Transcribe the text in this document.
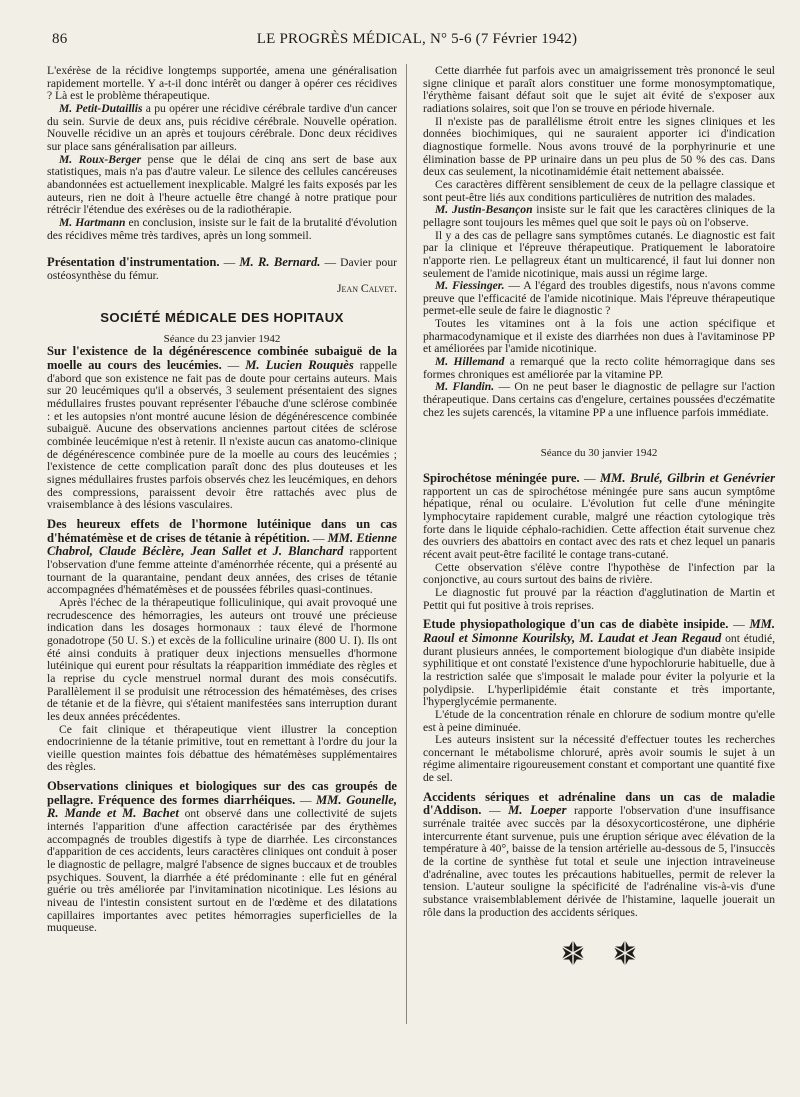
86	LE PROGRÈS MÉDICAL, N° 5-6 (7 Février 1942)

L'exérèse de la récidive longtemps supportée, amena une généralisation rapidement mortelle. Y a-t-il donc intérêt ou danger à opérer ces récidives ? Là est le problème thérapeutique.

M. Petit-Dutaillis a pu opérer une récidive cérébrale tardive d'un cancer du sein. Survie de deux ans, puis récidive cérébrale. Nouvelle opération. Nouvelle récidive un an après et toujours cérébrale. Donc deux récidives sur place sans généralisation par ailleurs.

M. Roux-Berger pense que le délai de cinq ans sert de base aux statistiques, mais n'a pas d'autre valeur. Le silence des cellules cancéreuses abandonnées est actuellement inexplicable. Malgré les faits exposés par les auteurs, rien ne doit à l'heure actuelle être changé à notre pratique pour rétrécir l'étendue des exérèses ou de la radiothérapie.

M. Hartmann en conclusion, insiste sur le fait de la brutalité d'évolution des récidives même très tardives, après un long sommeil.

Présentation d'instrumentation. — M. R. Bernard. — Davier pour ostéosynthèse du fémur.

Jean Calvet.

SOCIÉTÉ MÉDICALE DES HOPITAUX

Séance du 23 janvier 1942

Sur l'existence de la dégénérescence combinée subaiguë de la moelle au cours des leucémies. — M. Lucien Rouquès rappelle d'abord que son existence ne fait pas de doute pour certains auteurs. Mais sur 20 leucémiques qu'il a observés, 3 seulement présentaient des signes médullaires frustes pouvant représenter l'ébauche d'une sclérose combinée : et les autopsies n'ont montré aucune lésion de dégénérescence combinée subaiguë. Aucune des observations anciennes partout citées de sclérose combinée leucémique n'est à retenir. Il n'existe aucun cas anatomo-clinique de dégénérescence combinée pure de la moelle au cours des leucémies ; l'existence de cette complication paraît donc des plus douteuses et les signes médullaires frustes parfois observés chez les leucémiques, en dehors des compressions, paraissent devoir être rattachés avec plus de vraisemblance à des lésions vasculaires.

Des heureux effets de l'hormone lutéinique dans un cas d'hématémèse et de crises de tétanie à répétition. — MM. Etienne Chabrol, Claude Béclère, Jean Sallet et J. Blanchard rapportent l'observation d'une femme atteinte d'aménorrhée récente, qui a présenté au tournant de la quarantaine, pendant deux années, des crises de tétanie accompagnées d'hématémèses et de poussées fébriles quasi-continues.

Après l'échec de la thérapeutique folliculinique, qui avait provoqué une recrudescence des hémorragies, les auteurs ont trouvé une précieuse indication dans les dosages hormonaux : taux élevé de l'hormone gonadotrope (50 U. S.) et excès de la folliculine urinaire (800 U. I). Ils ont été ainsi conduits à pratiquer deux injections mensuelles d'hormone lutéinique qui eurent pour résultats la réapparition immédiate des règles et la reprise du cycle menstruel normal durant des mois consécutifs. Parallèlement il se produisit une rétrocession des hématémèses, des crises de tétanie et de la fièvre, qui s'étaient manifestées sans interruption durant les deux années précédentes.

Ce fait clinique et thérapeutique vient illustrer la conception endocrinienne de la tétanie primitive, tout en remettant à l'ordre du jour la vieille question maintes fois débattue des hématémèses supplémentaires des règles.

Observations cliniques et biologiques sur des cas groupés de pellagre. Fréquence des formes diarrhéiques. — MM. Gounelle, R. Mande et M. Bachet ont observé dans une collectivité de sujets internés l'apparition d'une affection caractérisée par des érythèmes accompagnés de troubles digestifs à type de diarrhée. Les circonstances d'apparition de ces accidents, leurs caractères cliniques ont conduit à poser le diagnostic de pellagre, malgré l'absence de signes buccaux et de troubles psychiques. Souvent, la diarrhée a été prédominante : elle fut en général guérie ou très améliorée par l'invitamination nicotinique. Les lésions au niveau de l'intestin consistent surtout en de l'œdème et des dilatations capillaires importantes avec petites hémorragies superficielles de la muqueuse.

Cette diarrhée fut parfois avec un amaigrissement très prononcé le seul signe clinique et paraît alors constituer une forme monosymptomatique, l'érythème faisant défaut soit que le sujet ait évité de s'exposer aux radiations solaires, soit que l'on se trouve en période hivernale.

Il n'existe pas de parallélisme étroit entre les signes cliniques et les données biochimiques, qui ne sauraient apporter ici d'indication diagnostique formelle. Nous avons trouvé de la porphyrinurie et une élimination basse de PP urinaire dans un peu plus de 50 % des cas. Dans deux cas seulement, la nicotinamidémie était nettement abaissée.

Ces caractères diffèrent sensiblement de ceux de la pellagre classique et sont peut-être liés aux conditions particulières de nutrition des malades.

M. Justin-Besançon insiste sur le fait que les caractères cliniques de la pellagre sont toujours les mêmes quel que soit le pays où on l'observe.

Il y a des cas de pellagre sans symptômes cutanés. Le diagnostic est fait par la clinique et l'épreuve thérapeutique. Pratiquement le laboratoire n'apporte rien. Le pellagreux étant un multicarencé, il faut lui donner non seulement de l'amide nicotinique, mais aussi un régime large.

M. Fiessinger. — A l'égard des troubles digestifs, nous n'avons comme preuve que l'efficacité de l'amide nicotinique. Mais l'épreuve thérapeutique permet-elle seule de faire le diagnostic ?

Toutes les vitamines ont à la fois une action spécifique et pharmacodynamique et il existe des diarrhées non dues à l'avitaminose PP et améliorées par l'amide nicotinique.

M. Hillemand a remarqué que la recto colite hémorragique dans ses formes chroniques est améliorée par la vitamine PP.

M. Flandin. — On ne peut baser le diagnostic de pellagre sur l'action thérapeutique. Dans certains cas d'engelure, certaines poussées d'eczématite chez les sujets carencés, la vitamine PP a une influence parfois immédiate.

Séance du 30 janvier 1942

Spirochétose méningée pure. — MM. Brulé, Gilbrin et Genévrier rapportent un cas de spirochétose méningée pure sans aucun symptôme hépatique, rénal ou oculaire. L'évolution fut celle d'une méningite lymphocytaire rapidement curable, malgré une réaction cytologique très forte dans le liquide céphalo-rachidien. Cette affection était survenue chez des ouvriers des abattoirs en contact avec des rats et chez lequel un panaris récent avait peut-être facilité le contage trans-cutané.

Cette observation s'élève contre l'hypothèse de l'infection par la conjonctive, au cours surtout des bains de rivière.

Le diagnostic fut prouvé par la réaction d'agglutination de Martin et Pettit qui fut positive à trois reprises.

Etude physiopathologique d'un cas de diabète insipide. — MM. Raoul et Simonne Kourilsky, M. Laudat et Jean Regaud ont étudié, durant plusieurs années, le comportement biologique d'un diabète insipide syphilitique et ont constaté l'existence d'une hypochlorurie habituelle, due à la restriction salée que s'imposait le malade pour éviter la polyurie et la polydipsie. L'hyperlipidémie était constante et très importante, l'hyperglycémie permanente.

L'étude de la concentration rénale en chlorure de sodium montre qu'elle est à peine diminuée.

Les auteurs insistent sur la nécessité d'effectuer toutes les recherches concernant le métabolisme chloruré, après avoir soumis le sujet à un régime alimentaire rigoureusement constant et comportant une quantité fixe de sel.

Accidents sériques et adrénaline dans un cas de maladie d'Addison. — M. Loeper rapporte l'observation d'une insuffisance surrénale traitée avec succès par la désoxycorticostérone, une diphérie intercurrente étant survenue, puis une éruption sérique avec élévation de la température à 40°, baisse de la tension artérielle au-dessous de 5, l'insuccès de la cortine de synthèse fut total et seule une injection intraveineuse d'adrénaline, avec toutes les précautions habituelles, permit de relever la tension. L'auteur souligne la spécificité de l'adrénaline vis-à-vis d'une substance vraisemblablement dérivée de l'histamine, laquelle jouerait un rôle dans la production des accidents sériques.
